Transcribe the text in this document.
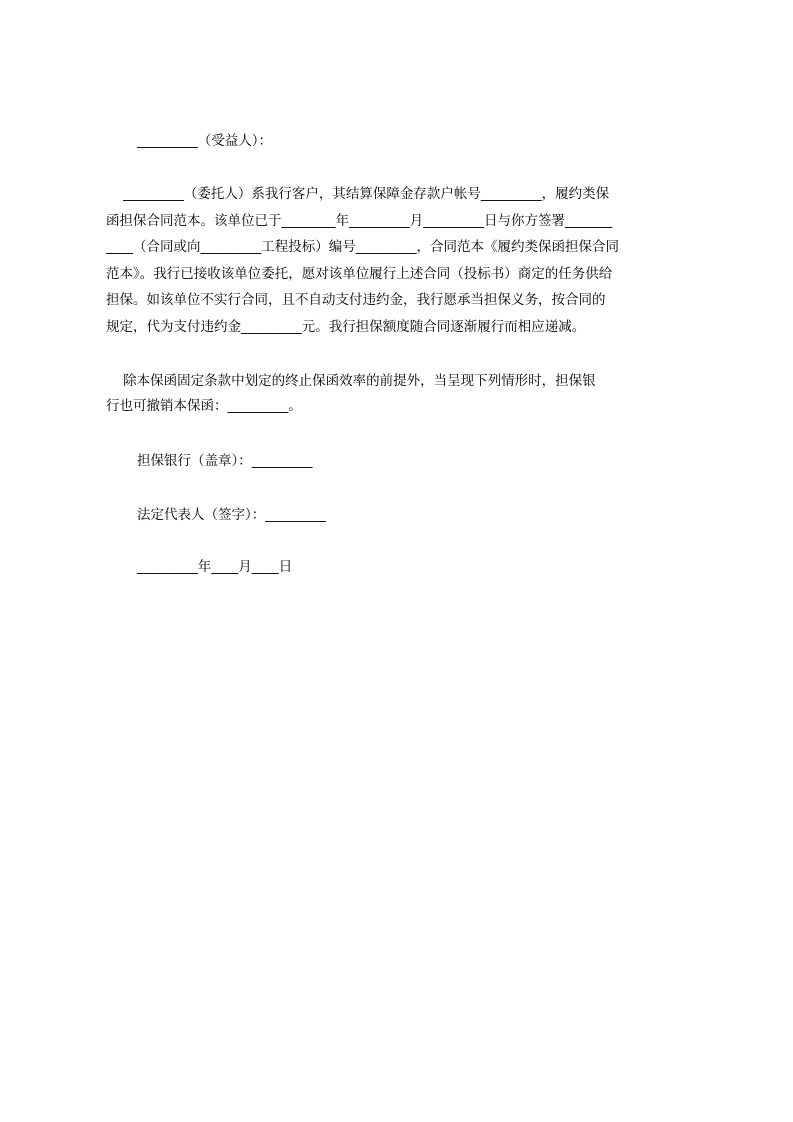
_________（受益人）：
_________（委托人）系我行客户，其结算保障金存款户帐号_________，履约类保
函担保合同范本。该单位已于________年_________月_________日与你方签署_______
____（合同或向_________工程投标）编号_________，合同范本《履约类保函担保合同
范本》。我行已接收该单位委托，愿对该单位履行上述合同（投标书）商定的任务供给
担保。如该单位不实行合同，且不自动支付违约金，我行愿承当担保义务，按合同的
规定，代为支付违约金_________元。我行担保额度随合同逐渐履行而相应递减。
除本保函固定条款中划定的终止保函效率的前提外，当呈现下列情形时，担保银
行也可撤销本保函：_________。
担保银行（盖章）：_________
法定代表人（签字）：_________
_________年____月____日
